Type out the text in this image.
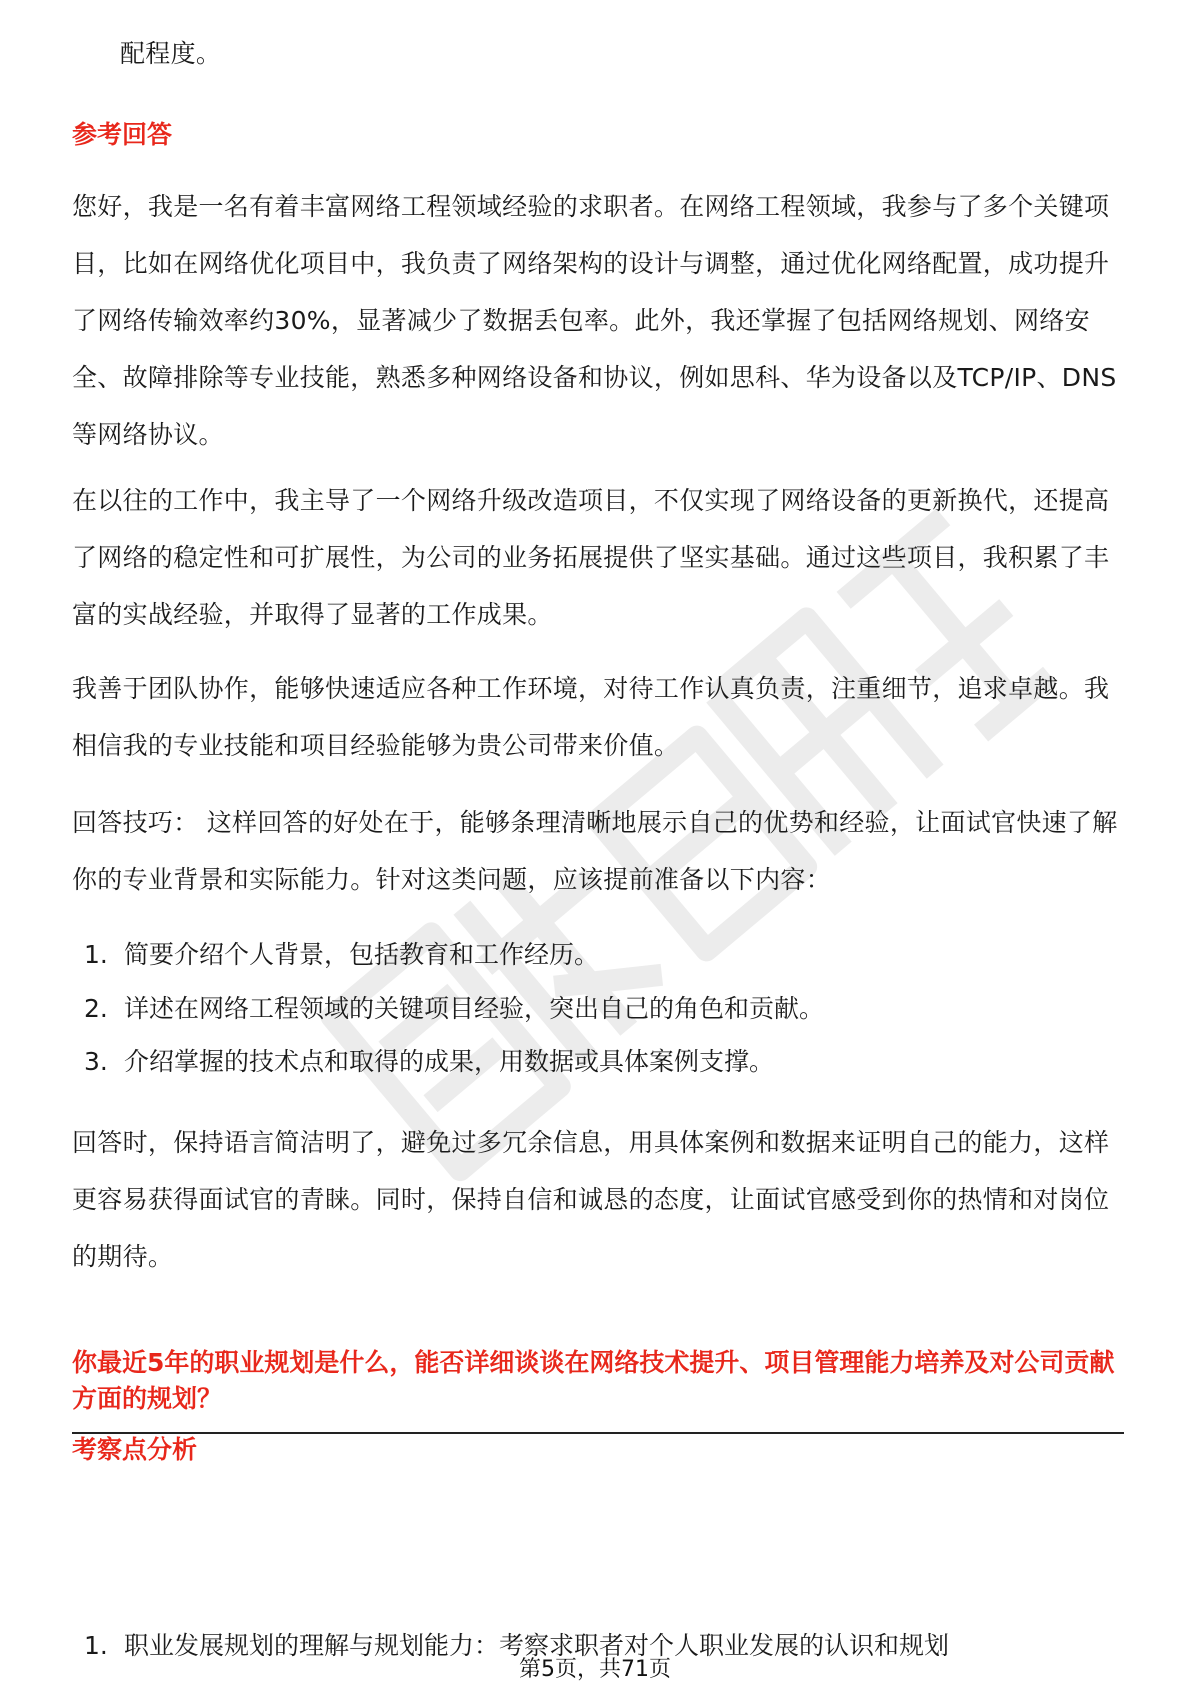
配程度。

参考回答

您好，我是一名有着丰富网络工程领域经验的求职者。在网络工程领域，我参与了多个关键项目，比如在网络优化项目中，我负责了网络架构的设计与调整，通过优化网络配置，成功提升了网络传输效率约30%，显著减少了数据丢包率。此外，我还掌握了包括网络规划、网络安全、故障排除等专业技能，熟悉多种网络设备和协议，例如思科、华为设备以及TCP/IP、DNS等网络协议。

在以往的工作中，我主导了一个网络升级改造项目，不仅实现了网络设备的更新换代，还提高了网络的稳定性和可扩展性，为公司的业务拓展提供了坚实基础。通过这些项目，我积累了丰富的实战经验，并取得了显著的工作成果。

我善于团队协作，能够快速适应各种工作环境，对待工作认真负责，注重细节，追求卓越。我相信我的专业技能和项目经验能够为贵公司带来价值。

回答技巧： 这样回答的好处在于，能够条理清晰地展示自己的优势和经验，让面试官快速了解你的专业背景和实际能力。针对这类问题，应该提前准备以下内容：

1. 简要介绍个人背景，包括教育和工作经历。

2. 详述在网络工程领域的关键项目经验，突出自己的角色和贡献。

3. 介绍掌握的技术点和取得的成果，用数据或具体案例支撑。

回答时，保持语言简洁明了，避免过多冗余信息，用具体案例和数据来证明自己的能力，这样更容易获得面试官的青睐。同时，保持自信和诚恳的态度，让面试官感受到你的热情和对岗位的期待。

你最近5年的职业规划是什么，能否详细谈谈在网络技术提升、项目管理能力培养及对公司贡献方面的规划？
考察点分析
1. 职业发展规划的理解与规划能力：考察求职者对个人职业发展的认识和规划
第5页，共71页
